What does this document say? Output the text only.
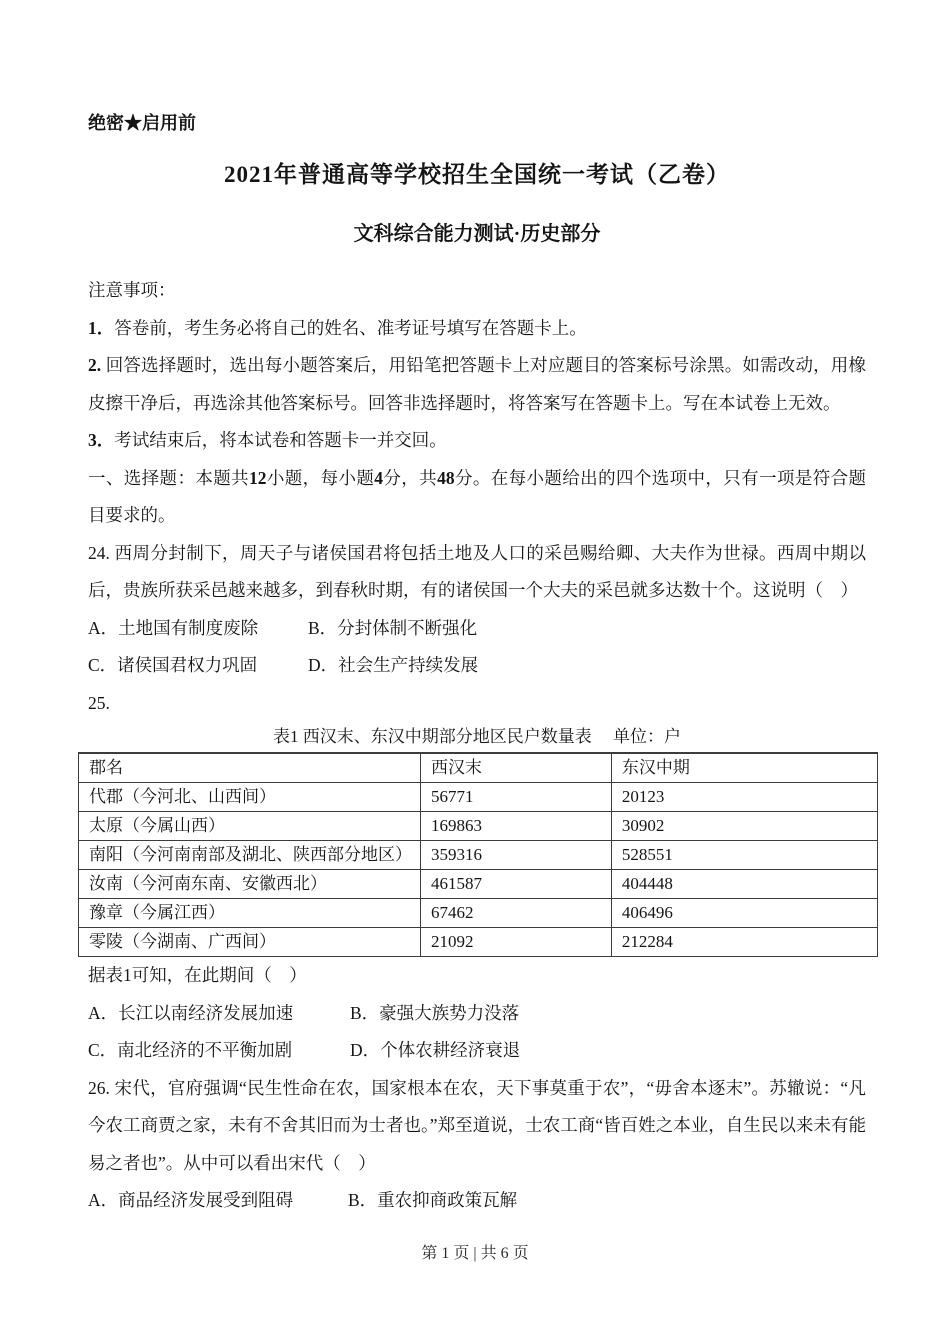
绝密★启用前
2021年普通高等学校招生全国统一考试（乙卷）
文科综合能力测试·历史部分

注意事项：

1．答卷前，考生务必将自己的姓名、准考证号填写在答题卡上。

2. 回答选择题时，选出每小题答案后，用铅笔把答题卡上对应题目的答案标号涂黑。如需改动，用橡皮擦干净后，再选涂其他答案标号。回答非选择题时，将答案写在答题卡上。写在本试卷上无效。

3．考试结束后，将本试卷和答题卡一并交回。

一、选择题：本题共12小题，每小题4分，共48分。在每小题给出的四个选项中，只有一项是符合题目要求的。

24. 西周分封制下，周天子与诸侯国君将包括土地及人口的采邑赐给卿、大夫作为世禄。西周中期以后，贵族所获采邑越来越多，到春秋时期，有的诸侯国一个大夫的采邑就多达数十个。这说明（　）

A．土地国有制度废除	B．分封体制不断强化
C．诸侯国君权力巩固	D．社会生产持续发展

25.

表1 西汉末、东汉中期部分地区民户数量表　 单位：户

郡名	西汉末	东汉中期
代郡（今河北、山西间）	56771	20123
太原（今属山西）	169863	30902
南阳（今河南南部及湖北、陕西部分地区）	359316	528551
汝南（今河南东南、安徽西北）	461587	404448
豫章（今属江西）	67462	406496
零陵（今湖南、广西间）	21092	212284

据表1可知，在此期间（　）

A．长江以南经济发展加速	B．豪强大族势力没落
C．南北经济的不平衡加剧	D．个体农耕经济衰退

26. 宋代，官府强调“民生性命在农，国家根本在农，天下事莫重于农”，“毋舍本逐末”。苏辙说：“凡今农工商贾之家，未有不舍其旧而为士者也。”郑至道说，士农工商“皆百姓之本业，自生民以来未有能易之者也”。从中可以看出宋代（　）

A．商品经济发展受到阻碍	B．重农抑商政策瓦解
第 1 页 | 共 6 页
